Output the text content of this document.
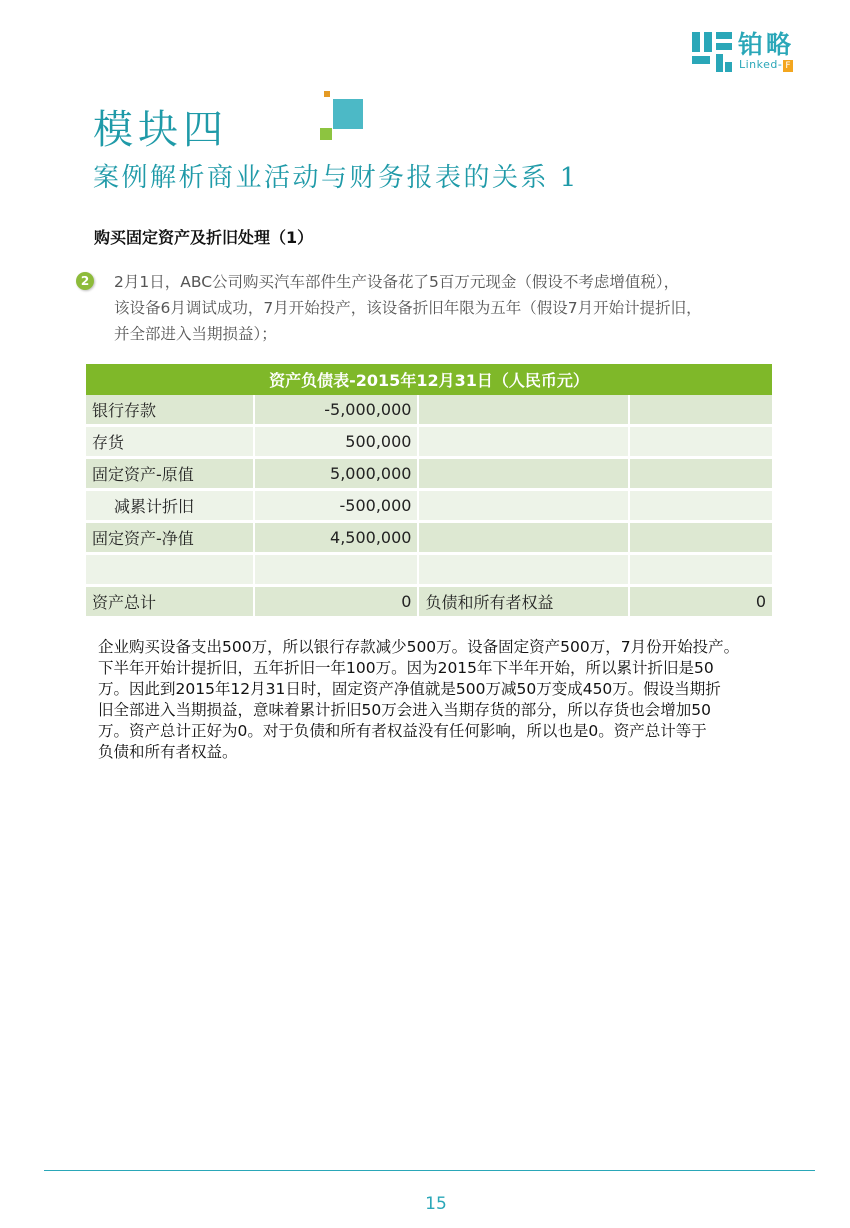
铂略
Linked- F
模块四
案例解析商业活动与财务报表的关系 1
购买固定资产及折旧处理（1）
2	2月1日，ABC公司购买汽车部件生产设备花了5百万元现金（假设不考虑增值税），
该设备6月调试成功，7月开始投产，该设备折旧年限为五年（假设7月开始计提折旧，
并全部进入当期损益）；
资产负债表-2015年12月31日（人民币元）			
银行存款	-5,000,000		
存货	500,000		
固定资产-原值	5,000,000		
减累计折旧	-500,000		
固定资产-净值	4,500,000		

资产总计	0	负债和所有者权益	0
企业购买设备支出500万，所以银行存款减少500万。设备固定资产500万，7月份开始投产。
下半年开始计提折旧，五年折旧一年100万。因为2015年下半年开始，所以累计折旧是50
万。因此到2015年12月31日时，固定资产净值就是500万减50万变成450万。假设当期折
旧全部进入当期损益，意味着累计折旧50万会进入当期存货的部分，所以存货也会增加50
万。资产总计正好为0。对于负债和所有者权益没有任何影响，所以也是0。资产总计等于
负债和所有者权益。
15
